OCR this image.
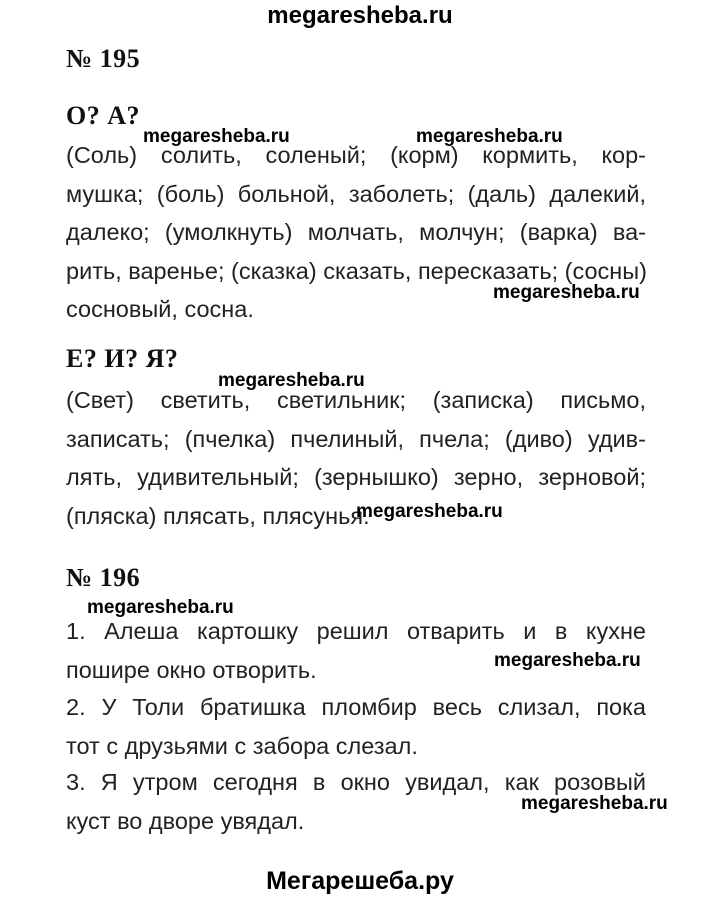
megaresheba.ru
№ 195
О? А?
(Соль) солить, соленый; (корм) кормить, кор-
мушка; (боль) больной, заболеть; (даль) далекий,
далеко; (умолкнуть) молчать, молчун; (варка) ва-
рить, варенье; (сказка) сказать, пересказать; (сосны)
сосновый, сосна.
Е? И? Я?
(Свет) светить, светильник; (записка) письмо,
записать; (пчелка) пчелиный, пчела; (диво) удив-
лять, удивительный; (зернышко) зерно, зерновой;
(пляска) плясать, плясунья.
№ 196
1. Алеша картошку решил отварить и в кухне
пошире окно отворить.
2. У Толи братишка пломбир весь слизал, пока
тот с друзьями с забора слезал.
3. Я утром сегодня в окно увидал, как розовый
куст во дворе увядал.
megaresheba.ru	megaresheba.ru
megaresheba.ru
megaresheba.ru
megaresheba.ru
megaresheba.ru
megaresheba.ru
megaresheba.ru
Мегарешеба.ру
